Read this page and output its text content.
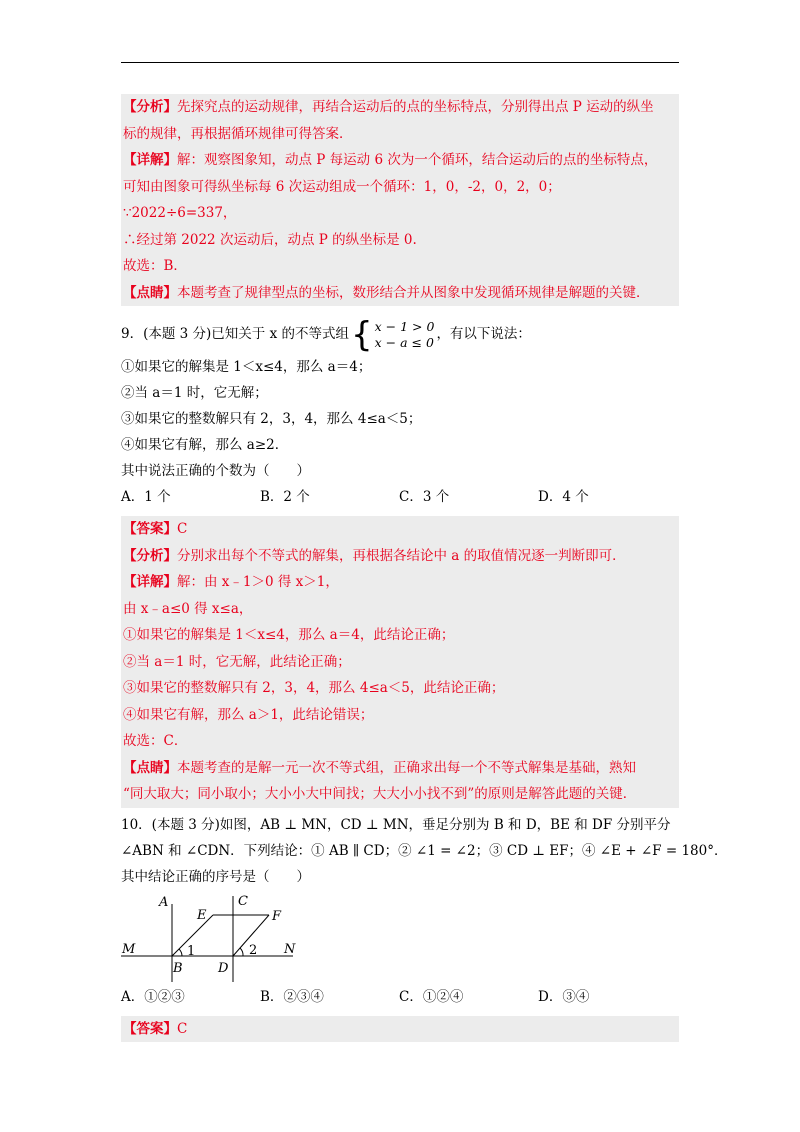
【分析】先探究点的运动规律，再结合运动后的点的坐标特点，分别得出点 P 运动的纵坐
标的规律，再根据循环规律可得答案．
【详解】解：观察图象知，动点 P 每运动 6 次为一个循环，结合运动后的点的坐标特点，
可知由图象可得纵坐标每 6 次运动组成一个循环：1，0，-2，0，2，0；
∵2022÷6=337，
∴经过第 2022 次运动后，动点 P 的纵坐标是 0.
故选：B．
【点睛】本题考查了规律型点的坐标，数形结合并从图象中发现循环规律是解题的关键．
9．(本题 3 分)已知关于 x 的不等式组 { x − 1 > 0
x − a ≤ 0 ，有以下说法：
①如果它的解集是 1＜x≤4，那么 a＝4；
②当 a＝1 时，它无解；
③如果它的整数解只有 2，3，4，那么 4≤a＜5；
④如果它有解，那么 a≥2．
其中说法正确的个数为（　　）
A．1 个	B．2 个	C．3 个	D．4 个
【答案】C
【分析】分别求出每个不等式的解集，再根据各结论中 a 的取值情况逐一判断即可．
【详解】解：由 x﹣1＞0 得 x＞1，
由 x﹣a≤0 得 x≤a，
①如果它的解集是 1＜x≤4，那么 a＝4，此结论正确；
②当 a＝1 时，它无解，此结论正确；
③如果它的整数解只有 2，3，4，那么 4≤a＜5，此结论正确；
④如果它有解，那么 a＞1，此结论错误；
故选：C．
【点睛】本题考查的是解一元一次不等式组，正确求出每一个不等式解集是基础，熟知
“同大取大；同小取小；大小小大中间找；大大小小找不到”的原则是解答此题的关键．
10．(本题 3 分)如图，AB ⊥ MN，CD ⊥ MN，垂足分别为 B 和 D，BE 和 DF 分别平分
∠ABN 和 ∠CDN．下列结论：① AB ∥ CD；② ∠1 = ∠2；③ CD ⊥ EF；④ ∠E + ∠F = 180°．
其中结论正确的序号是（　　）
A	C
E	F
M	N
1	2
B	D
A．①②③	B．②③④	C．①②④	D．③④
【答案】C
